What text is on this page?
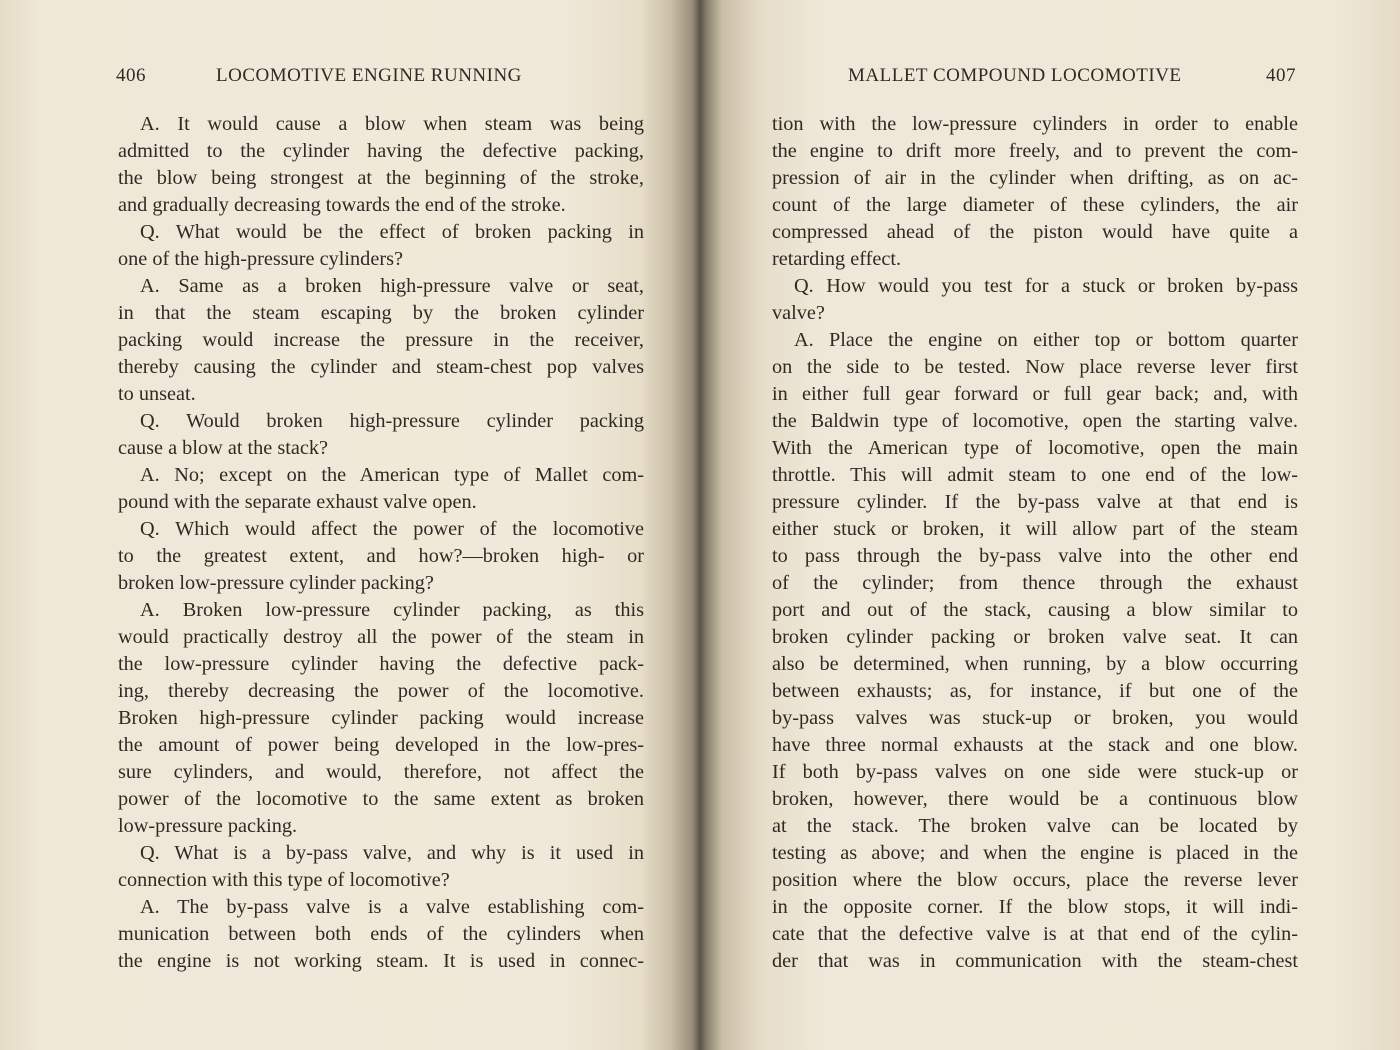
406	LOCOMOTIVE ENGINE RUNNING
A. It would cause a blow when steam was being
admitted to the cylinder having the defective packing,
the blow being strongest at the beginning of the stroke,
and gradually decreasing towards the end of the stroke.
Q. What would be the effect of broken packing in
one of the high-pressure cylinders?
A. Same as a broken high-pressure valve or seat,
in that the steam escaping by the broken cylinder
packing would increase the pressure in the receiver,
thereby causing the cylinder and steam-chest pop valves
to unseat.
Q. Would broken high-pressure cylinder packing
cause a blow at the stack?
A. No; except on the American type of Mallet com-
pound with the separate exhaust valve open.
Q. Which would affect the power of the locomotive
to the greatest extent, and how?—broken high- or
broken low-pressure cylinder packing?
A. Broken low-pressure cylinder packing, as this
would practically destroy all the power of the steam in
the low-pressure cylinder having the defective pack-
ing, thereby decreasing the power of the locomotive.
Broken high-pressure cylinder packing would increase
the amount of power being developed in the low-pres-
sure cylinders, and would, therefore, not affect the
power of the locomotive to the same extent as broken
low-pressure packing.
Q. What is a by-pass valve, and why is it used in
connection with this type of locomotive?
A. The by-pass valve is a valve establishing com-
munication between both ends of the cylinders when
the engine is not working steam. It is used in connec-
MALLET COMPOUND LOCOMOTIVE	407
tion with the low-pressure cylinders in order to enable
the engine to drift more freely, and to prevent the com-
pression of air in the cylinder when drifting, as on ac-
count of the large diameter of these cylinders, the air
compressed ahead of the piston would have quite a
retarding effect.
Q. How would you test for a stuck or broken by-pass
valve?
A. Place the engine on either top or bottom quarter
on the side to be tested. Now place reverse lever first
in either full gear forward or full gear back; and, with
the Baldwin type of locomotive, open the starting valve.
With the American type of locomotive, open the main
throttle. This will admit steam to one end of the low-
pressure cylinder. If the by-pass valve at that end is
either stuck or broken, it will allow part of the steam
to pass through the by-pass valve into the other end
of the cylinder; from thence through the exhaust
port and out of the stack, causing a blow similar to
broken cylinder packing or broken valve seat. It can
also be determined, when running, by a blow occurring
between exhausts; as, for instance, if but one of the
by-pass valves was stuck-up or broken, you would
have three normal exhausts at the stack and one blow.
If both by-pass valves on one side were stuck-up or
broken, however, there would be a continuous blow
at the stack. The broken valve can be located by
testing as above; and when the engine is placed in the
position where the blow occurs, place the reverse lever
in the opposite corner. If the blow stops, it will indi-
cate that the defective valve is at that end of the cylin-
der that was in communication with the steam-chest
